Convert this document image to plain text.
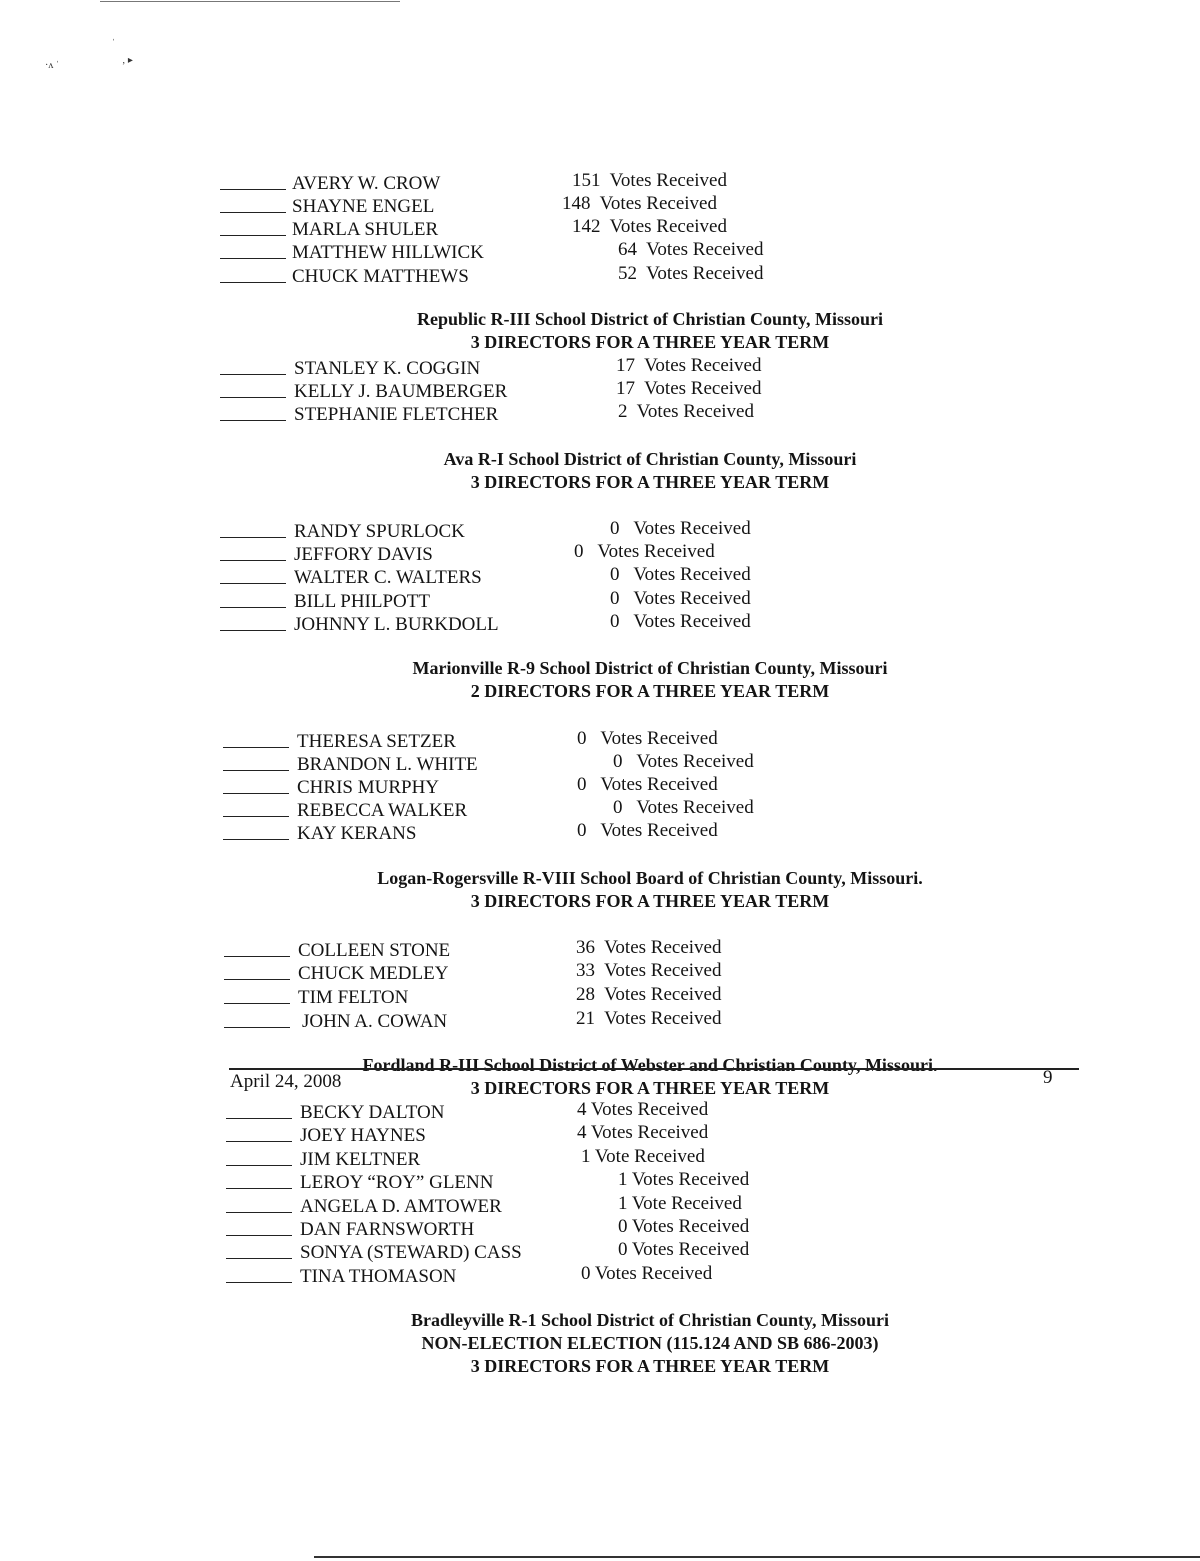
·ʌ ˈ
ˈ
‚ ▸
AVERY W. CROW	151  Votes Received
SHAYNE ENGEL	148  Votes Received
MARLA SHULER	142  Votes Received
MATTHEW HILLWICK	64  Votes Received
CHUCK MATTHEWS	52  Votes Received
Republic R-III School District of Christian County, Missouri
3 DIRECTORS FOR A THREE YEAR TERM
STANLEY K. COGGIN	17  Votes Received
KELLY J. BAUMBERGER	17  Votes Received
STEPHANIE FLETCHER	2  Votes Received
Ava R-I School District of Christian County, Missouri
3 DIRECTORS FOR A THREE YEAR TERM
RANDY SPURLOCK	0   Votes Received
JEFFORY DAVIS	0   Votes Received
WALTER C. WALTERS	0   Votes Received
BILL PHILPOTT	0   Votes Received
JOHNNY L. BURKDOLL	0   Votes Received
Marionville R-9 School District of Christian County, Missouri
2 DIRECTORS FOR A THREE YEAR TERM
THERESA SETZER	0   Votes Received
BRANDON L. WHITE	0   Votes Received
CHRIS MURPHY	0   Votes Received
REBECCA WALKER	0   Votes Received
KAY KERANS	0   Votes Received
Logan-Rogersville R-VIII School Board of Christian County, Missouri.
3 DIRECTORS FOR A THREE YEAR TERM
COLLEEN STONE	36  Votes Received
CHUCK MEDLEY	33  Votes Received
TIM FELTON	28  Votes Received
JOHN A. COWAN	21  Votes Received
Fordland R-III School District of Webster and Christian County, Missouri.
3 DIRECTORS FOR A THREE YEAR TERM
BECKY DALTON	4 Votes Received
JOEY HAYNES	4 Votes Received
JIM KELTNER	1 Vote Received
LEROY “ROY” GLENN	1 Votes Received
ANGELA D. AMTOWER	1 Vote Received
DAN FARNSWORTH	0 Votes Received
SONYA (STEWARD) CASS	0 Votes Received
TINA THOMASON	0 Votes Received
Bradleyville R-1 School District of Christian County, Missouri
NON-ELECTION ELECTION (115.124 AND SB 686-2003)
3 DIRECTORS FOR A THREE YEAR TERM
April 24, 2008	9
